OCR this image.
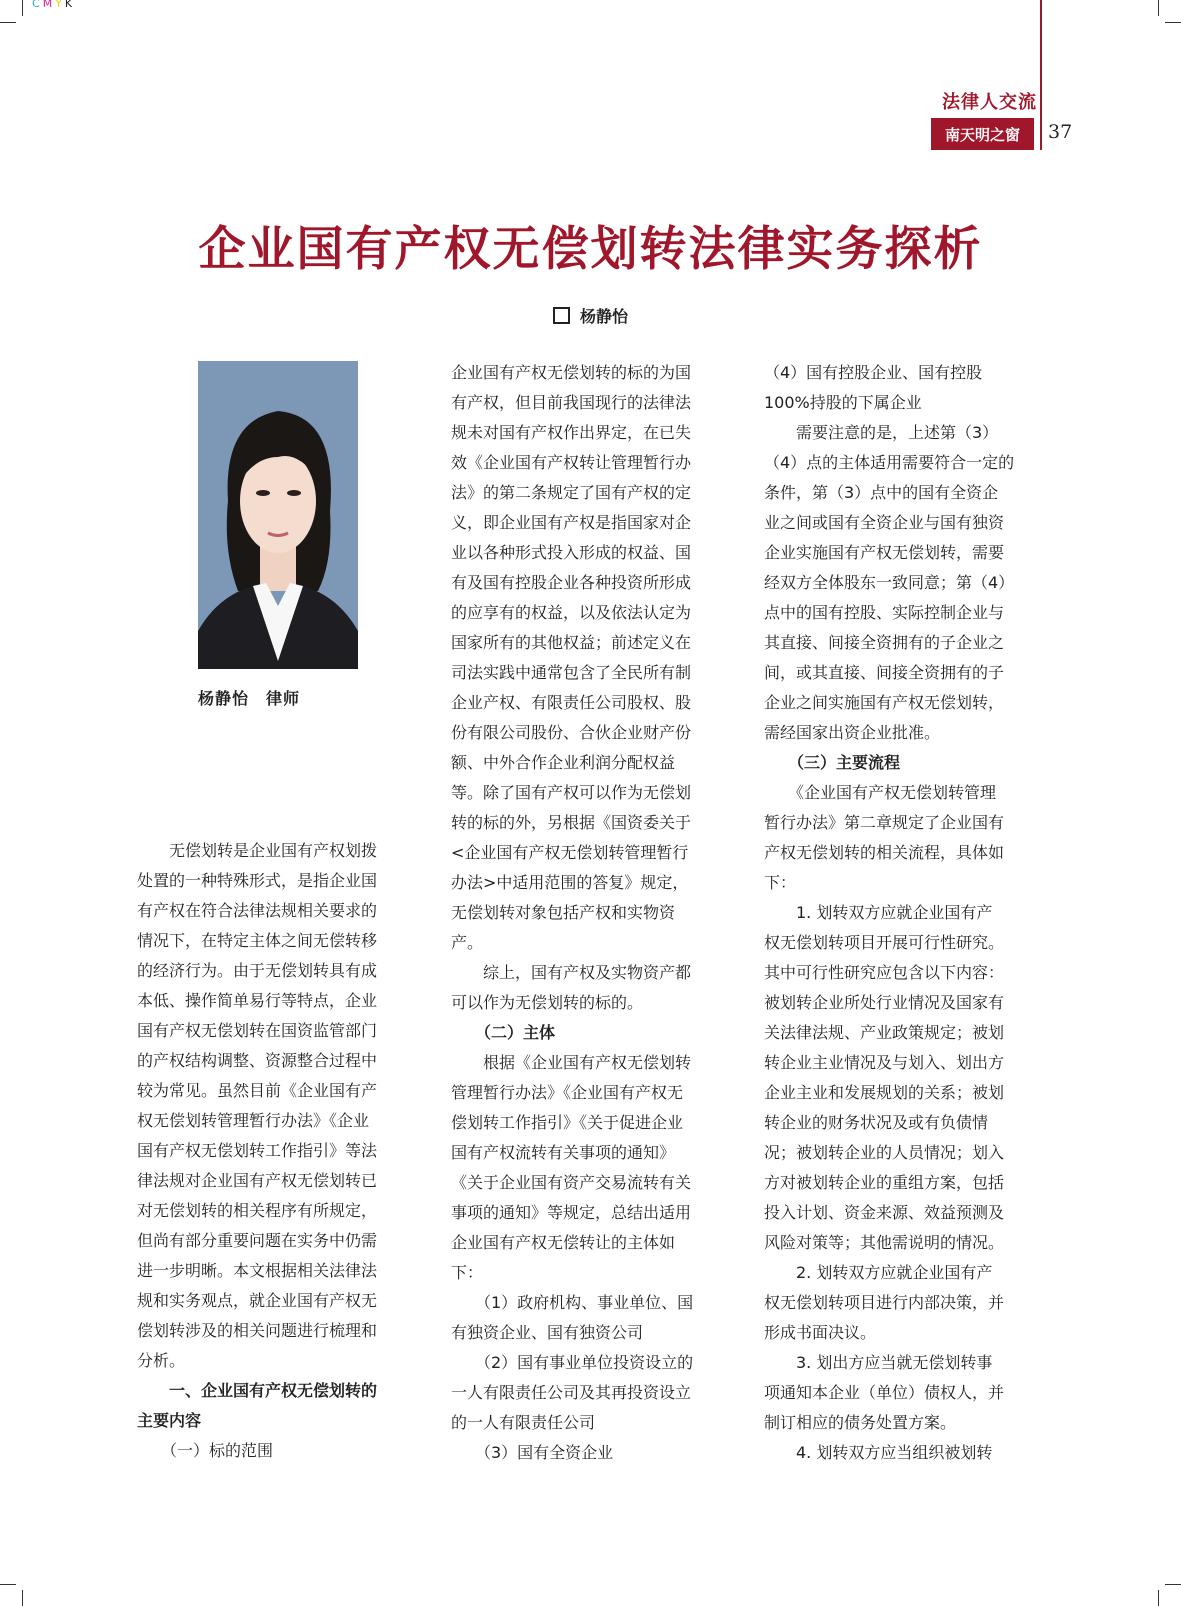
CMYK
法律人交流
南天明之窗	37
企业国有产权无偿划转法律实务探析
杨静怡
杨静怡　律师
　　无偿划转是企业国有产权划拨
处置的一种特殊形式，是指企业国
有产权在符合法律法规相关要求的
情况下，在特定主体之间无偿转移
的经济行为。由于无偿划转具有成
本低、操作简单易行等特点，企业
国有产权无偿划转在国资监管部门
的产权结构调整、资源整合过程中
较为常见。虽然目前《企业国有产
权无偿划转管理暂行办法》《企业
国有产权无偿划转工作指引》等法
律法规对企业国有产权无偿划转已
对无偿划转的相关程序有所规定，
但尚有部分重要问题在实务中仍需
进一步明晰。本文根据相关法律法
规和实务观点，就企业国有产权无
偿划转涉及的相关问题进行梳理和
分析。
　　一、企业国有产权无偿划转的
主要内容
　　（一）标的范围
企业国有产权无偿划转的标的为国
有产权，但目前我国现行的法律法
规未对国有产权作出界定，在已失
效《企业国有产权转让管理暂行办
法》的第二条规定了国有产权的定
义，即企业国有产权是指国家对企
业以各种形式投入形成的权益、国
有及国有控股企业各种投资所形成
的应享有的权益，以及依法认定为
国家所有的其他权益；前述定义在
司法实践中通常包含了全民所有制
企业产权、有限责任公司股权、股
份有限公司股份、合伙企业财产份
额、中外合作企业利润分配权益
等。除了国有产权可以作为无偿划
转的标的外，另根据《国资委关于
<企业国有产权无偿划转管理暂行
办法>中适用范围的答复》规定，
无偿划转对象包括产权和实物资
产。
　　综上，国有产权及实物资产都
可以作为无偿划转的标的。
　　（二）主体
　　根据《企业国有产权无偿划转
管理暂行办法》《企业国有产权无
偿划转工作指引》《关于促进企业
国有产权流转有关事项的通知》
《关于企业国有资产交易流转有关
事项的通知》等规定，总结出适用
企业国有产权无偿转让的主体如
下：
　　（1）政府机构、事业单位、国
有独资企业、国有独资公司
　　（2）国有事业单位投资设立的
一人有限责任公司及其再投资设立
的一人有限责任公司
　　（3）国有全资企业
（4）国有控股企业、国有控股
100%持股的下属企业
　　需要注意的是，上述第（3）
（4）点的主体适用需要符合一定的
条件，第（3）点中的国有全资企
业之间或国有全资企业与国有独资
企业实施国有产权无偿划转，需要
经双方全体股东一致同意；第（4）
点中的国有控股、实际控制企业与
其直接、间接全资拥有的子企业之
间，或其直接、间接全资拥有的子
企业之间实施国有产权无偿划转，
需经国家出资企业批准。
　　（三）主要流程
　　《企业国有产权无偿划转管理
暂行办法》第二章规定了企业国有
产权无偿划转的相关流程，具体如
下：
　　1. 划转双方应就企业国有产
权无偿划转项目开展可行性研究。
其中可行性研究应包含以下内容：
被划转企业所处行业情况及国家有
关法律法规、产业政策规定；被划
转企业主业情况及与划入、划出方
企业主业和发展规划的关系；被划
转企业的财务状况及或有负债情
况；被划转企业的人员情况；划入
方对被划转企业的重组方案，包括
投入计划、资金来源、效益预测及
风险对策等；其他需说明的情况。
　　2. 划转双方应就企业国有产
权无偿划转项目进行内部决策，并
形成书面决议。
　　3. 划出方应当就无偿划转事
项通知本企业（单位）债权人，并
制订相应的债务处置方案。
　　4. 划转双方应当组织被划转
